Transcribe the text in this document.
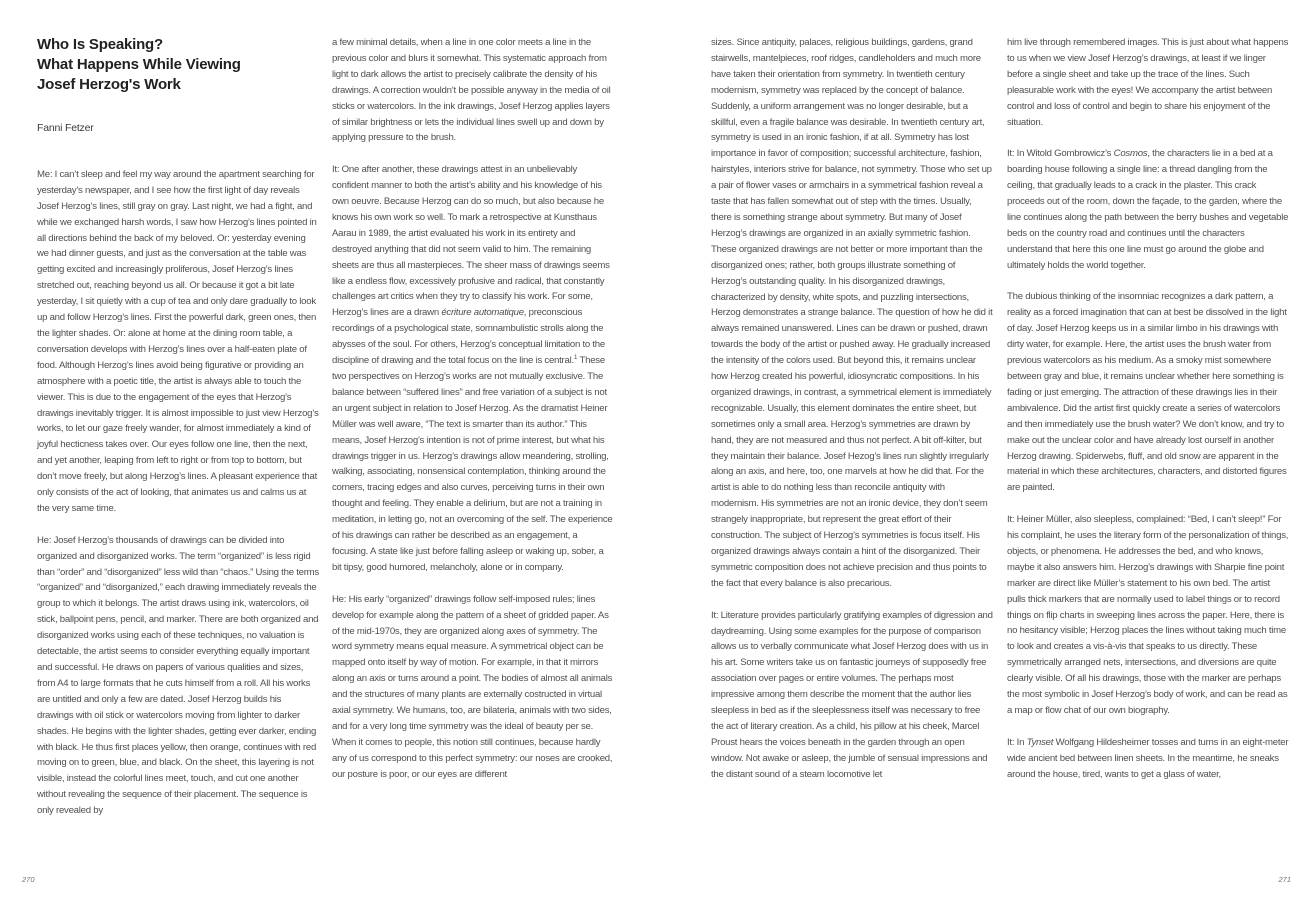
Who Is Speaking?
What Happens While Viewing
Josef Herzog's Work
Fanni Fetzer

Me: I can’t sleep and feel my way around the apartment searching for yesterday’s newspaper, and I see how the first light of day reveals Josef Herzog’s lines, still gray on gray. Last night, we had a fight, and while we exchanged harsh words, I saw how Herzog’s lines pointed in all directions behind the back of my beloved. Or: yesterday evening we had dinner guests, and just as the conversation at the table was getting excited and increasingly proliferous, Josef Herzog’s lines stretched out, reaching beyond us all. Or because it got a bit late yesterday, I sit quietly with a cup of tea and only dare gradually to look up and follow Herzog’s lines. First the powerful dark, green ones, then the lighter shades. Or: alone at home at the dining room table, a conversation develops with Herzog’s lines over a half-eaten plate of food. Although Herzog’s lines avoid being figurative or providing an atmosphere with a poetic title, the artist is always able to touch the viewer. This is due to the engagement of the eyes that Herzog’s drawings inevitably trigger. It is almost impossible to just view Herzog’s works, to let our gaze freely wander, for almost immediately a kind of joyful hecticness takes over. Our eyes follow one line, then the next, and yet another, leaping from left to right or from top to bottom, but don’t move freely, but along Herzog’s lines. A pleasant experience that only consists of the act of looking, that animates us and calms us at the very same time.

He: Josef Herzog’s thousands of drawings can be divided into organized and disorganized works. The term “organized” is less rigid than “order” and “disorganized” less wild than “chaos.” Using the terms “organized” and “disorganized,” each drawing immediately reveals the group to which it belongs. The artist draws using ink, watercolors, oil stick, ballpoint pens, pencil, and marker. There are both organized and disorganized works using each of these techniques, no valuation is detectable, the artist seems to consider everything equally important and successful. He draws on papers of various qualities and sizes, from A4 to large formats that he cuts himself from a roll. All his works are untitled and only a few are dated. Josef Herzog builds his drawings with oil stick or watercolors moving from lighter to darker shades. He begins with the lighter shades, getting ever darker, ending with black. He thus first places yellow, then orange, continues with red moving on to green, blue, and black. On the sheet, this layering is not visible, instead the colorful lines meet, touch, and cut one another without revealing the sequence of their placement. The sequence is only revealed by

a few minimal details, when a line in one color meets a line in the previous color and blurs it somewhat. This systematic approach from light to dark allows the artist to precisely calibrate the density of his drawings. A correction wouldn’t be possible anyway in the media of oil sticks or watercolors. In the ink drawings, Josef Herzog applies layers of similar brightness or lets the individual lines swell up and down by applying pressure to the brush.

It: One after another, these drawings attest in an unbelievably confident manner to both the artist’s ability and his knowledge of his own oeuvre. Because Herzog can do so much, but also because he knows his own work so well. To mark a retrospective at Kunsthaus Aarau in 1989, the artist evaluated his work in its entirety and destroyed anything that did not seem valid to him. The remaining sheets are thus all masterpieces. The sheer mass of drawings seems like a endless flow, excessively profusive and radical, that constantly challenges art critics when they try to classify his work. For some, Herzog’s lines are a drawn écriture automatique, preconscious recordings of a psychological state, somnambulistic strolls along the abysses of the soul. For others, Herzog’s conceptual limitation to the discipline of drawing and the total focus on the line is central.$^1$ These two perspectives on Herzog’s works are not mutually exclusive. The balance between “suffered lines” and free variation of a subject is not an urgent subject in relation to Josef Herzog. As the dramatist Heiner Müller was well aware, “The text is smarter than its author.” This means, Josef Herzog’s intention is not of prime interest, but what his drawings trigger in us. Herzog’s drawings allow meandering, strolling, walking, associating, nonsensical contemplation, thinking around the corners, tracing edges and also curves, perceiving turns in their own thought and feeling. They enable a delirium, but are not a training in meditation, in letting go, not an overcoming of the self. The experience of his drawings can rather be described as an engagement, a focusing. A state like just before falling asleep or waking up, sober, a bit tipsy, good humored, melancholy, alone or in company.

He: His early “organized” drawings follow self-imposed rules; lines develop for example along the pattern of a sheet of gridded paper. As of the mid-1970s, they are organized along axes of symmetry. The word symmetry means equal measure. A symmetrical object can be mapped onto itself by way of motion. For example, in that it mirrors along an axis or turns around a point. The bodies of almost all animals and the structures of many plants are externally costructed in virtual axial symmetry. We humans, too, are bilateria, animals with two sides, and for a very long time symmetry was the ideal of beauty per se. When it comes to people, this notion still continues, because hardly any of us correspond to this perfect symmetry: our noses are crooked, our posture is poor, or our eyes are different

sizes. Since antiquity, palaces, religious buildings, gardens, grand stairwells, mantelpieces, roof ridges, candleholders and much more have taken their orientation from symmetry. In twentieth century modernism, symmetry was replaced by the concept of balance. Suddenly, a uniform arrangement was no longer desirable, but a skillful, even a fragile balance was desirable. In twentieth century art, symmetry is used in an ironic fashion, if at all. Symmetry has lost importance in favor of composition; successful architecture, fashion, hairstyles, interiors strive for balance, not symmetry. Those who set up a pair of flower vases or armchairs in a symmetrical fashion reveal a taste that has fallen somewhat out of step with the times. Usually, there is something strange about symmetry. But many of Josef Herzog’s drawings are organized in an axially symmetric fashion. These organized drawings are not better or more important than the disorganized ones; rather, both groups illustrate something of Herzog’s outstanding quality. In his disorganized drawings, characterized by density, white spots, and puzzling intersections, Herzog demonstrates a strange balance. The question of how he did it always remained unanswered. Lines can be drawn or pushed, drawn towards the body of the artist or pushed away. He gradually increased the intensity of the colors used. But beyond this, it remains unclear how Herzog created his powerful, idiosyncratic compositions. In his organized drawings, in contrast, a symmetrical element is immediately recognizable. Usually, this element dominates the entire sheet, but sometimes only a small area. Herzog’s symmetries are drawn by hand, they are not measured and thus not perfect. A bit off-kilter, but they maintain their balance. Josef Hezog’s lines run slightly irregularly along an axis, and here, too, one marvels at how he did that. For the artist is able to do nothing less than reconcile antiquity with modernism. His symmetries are not an ironic device, they don’t seem strangely inappropriate, but represent the great effort of their construction. The subject of Herzog’s symmetries is focus itself. His organized drawings always contain a hint of the disorganized. Their symmetric composition does not achieve precision and thus points to the fact that every balance is also precarious.

It: Literature provides particularly gratifying examples of digression and daydreaming. Using some examples for the purpose of comparison allows us to verbally communicate what Josef Herzog does with us in his art. Some writers take us on fantastic journeys of supposedly free association over pages or entire volumes. The perhaps most impressive among them describe the moment that the author lies sleepless in bed as if the sleeplessness itself was necessary to free the act of literary creation. As a child, his pillow at his cheek, Marcel Proust hears the voices beneath in the garden through an open window. Not awake or asleep, the jumble of sensual impressions and the distant sound of a steam locomotive let

him live through remembered images. This is just about what happens to us when we view Josef Herzog’s drawings, at least if we linger before a single sheet and take up the trace of the lines. Such pleasurable work with the eyes! We accompany the artist between control and loss of control and begin to share his enjoyment of the situation.

It: In Witold Gombrowicz’s Cosmos, the characters lie in a bed at a boarding house following a single line: a thread dangling from the ceiling, that gradually leads to a crack in the plaster. This crack proceeds out of the room, down the façade, to the garden, where the line continues along the path between the berry bushes and vegetable beds on the country road and continues until the characters understand that here this one line must go around the globe and ultimately holds the world together.

The dubious thinking of the insomniac recognizes a dark pattern, a reality as a forced imagination that can at best be dissolved in the light of day. Josef Herzog keeps us in a similar limbo in his drawings with dirty water, for example. Here, the artist uses the brush water from previous watercolors as his medium. As a smoky mist somewhere between gray and blue, it remains unclear whether here something is fading or just emerging. The attraction of these drawings lies in their ambivalence. Did the artist first quickly create a series of watercolors and then immediately use the brush water? We don’t know, and try to make out the unclear color and have already lost ourself in another Herzog drawing. Spiderwebs, fluff, and old snow are apparent in the material in which these architectures, characters, and distorted figures are painted.

It: Heiner Müller, also sleepless, complained: “Bed, I can’t sleep!” For his complaint, he uses the literary form of the personalization of things, objects, or phenomena. He addresses the bed, and who knows, maybe it also answers him. Herzog’s drawings with Sharpie fine point marker are direct like Müller’s statement to his own bed. The artist pulls thick markers that are normally used to label things or to record things on flip charts in sweeping lines across the paper. Here, there is no hesitancy visible; Herzog places the lines without taking much time to look and creates a vis-à-vis that speaks to us directly. These symmetrically arranged nets, intersections, and diversions are quite clearly visible. Of all his drawings, those with the marker are perhaps the most symbolic in Josef Herzog’s body of work, and can be read as a map or flow chat of our own biography.

It: In Tynset Wolfgang Hildesheimer tosses and turns in an eight-meter wide ancient bed between linen sheets. In the meantime, he sneaks around the house, tired, wants to get a glass of water,

270	271
